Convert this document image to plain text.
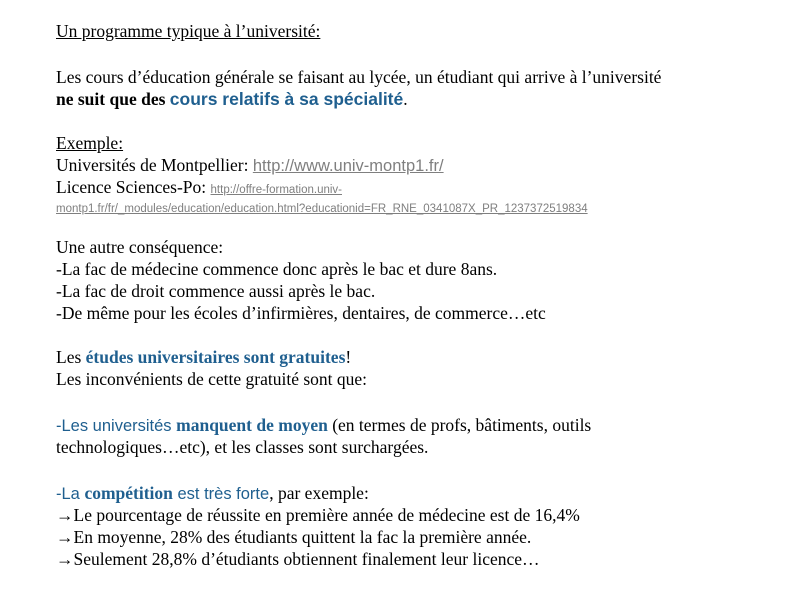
Un programme typique à l’université:
Les cours d’éducation générale se faisant au lycée, un étudiant qui arrive à l’université
ne suit que des cours relatifs à sa spécialité.
Exemple:
Universités de Montpellier: http://www.univ-montp1.fr/
Licence Sciences-Po: http://offre-formation.univ-
montp1.fr/fr/_modules/education/education.html?educationid=FR_RNE_0341087X_PR_1237372519834
Une autre conséquence:
-La fac de médecine commence donc après le bac et dure 8ans.
-La fac de droit commence aussi après le bac.
-De même pour les écoles d’infirmières, dentaires, de commerce…etc
Les études universitaires sont gratuites!
Les inconvénients de cette gratuité sont que:
-Les universités manquent de moyen (en termes de profs, bâtiments, outils
technologiques…etc), et les classes sont surchargées.
-La compétition est très forte, par exemple:
→Le pourcentage de réussite en première année de médecine est de 16,4%
→En moyenne, 28% des étudiants quittent la fac la première année.
→Seulement 28,8% d’étudiants obtiennent finalement leur licence…
